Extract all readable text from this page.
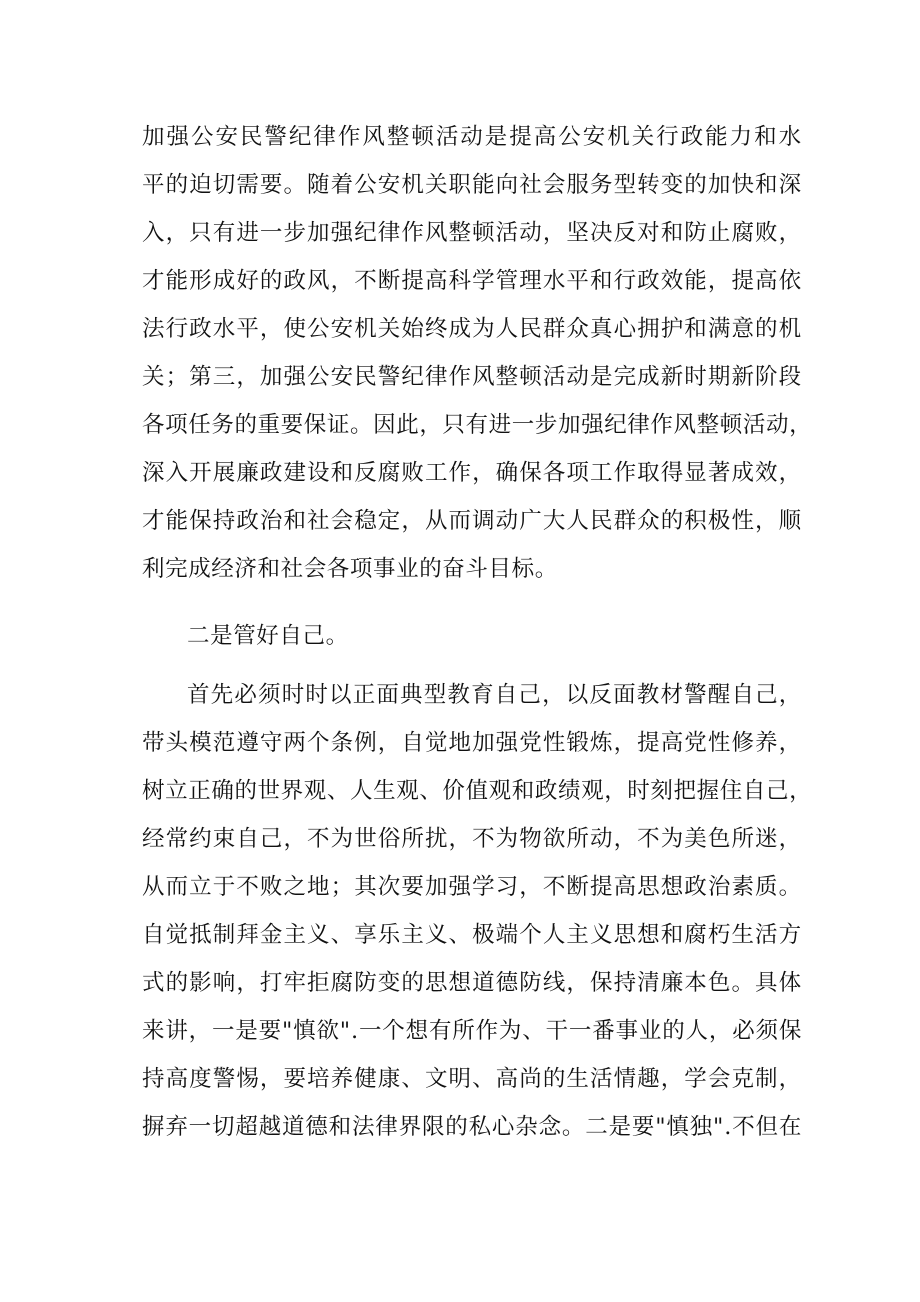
加 强 公 安 民 警 纪 律 作 风 整 顿 活 动 是 提 高 公 安 机 关 行 政 能 力 和 水
平 的 迫 切 需 要 。 随 着 公 安 机 关 职 能 向 社 会 服 务 型 转 变 的 加 快 和 深
入 ， 只 有 进 一 步 加 强 纪 律 作 风 整 顿 活 动 ， 坚 决 反 对 和 防 止 腐 败 ，
才 能 形 成 好 的 政 风 ， 不 断 提 高 科 学 管 理 水 平 和 行 政 效 能 ， 提 高 依
法 行 政 水 平 ， 使 公 安 机 关 始 终 成 为 人 民 群 众 真 心 拥 护 和 满 意 的 机
关 ； 第 三 ， 加 强 公 安 民 警 纪 律 作 风 整 顿 活 动 是 完 成 新 时 期 新 阶 段
各 项 任 务 的 重 要 保 证 。 因 此 ， 只 有 进 一 步 加 强 纪 律 作 风 整 顿 活 动 ，
深 入 开 展 廉 政 建 设 和 反 腐 败 工 作 ， 确 保 各 项 工 作 取 得 显 著 成 效 ，
才 能 保 持 政 治 和 社 会 稳 定 ， 从 而 调 动 广 大 人 民 群 众 的 积 极 性 ， 顺
利完成经济和社会各项事业的奋斗目标。
二是管好自己。
首 先 必 须 时 时 以 正 面 典 型 教 育 自 己 ， 以 反 面 教 材 警 醒 自 己 ，
带 头 模 范 遵 守 两 个 条 例 ， 自 觉 地 加 强 党 性 锻 炼 ， 提 高 党 性 修 养 ，
树 立 正 确 的 世 界 观 、 人 生 观 、 价 值 观 和 政 绩 观 ， 时 刻 把 握 住 自 己 ，
经 常 约 束 自 己 ， 不 为 世 俗 所 扰 ， 不 为 物 欲 所 动 ， 不 为 美 色 所 迷 ，
从 而 立 于 不 败 之 地 ； 其 次 要 加 强 学 习 ， 不 断 提 高 思 想 政 治 素 质 。
自 觉 抵 制 拜 金 主 义 、 享 乐 主 义 、 极 端 个 人 主 义 思 想 和 腐 朽 生 活 方
式 的 影 响 ， 打 牢 拒 腐 防 变 的 思 想 道 德 防 线 ， 保 持 清 廉 本 色 。 具 体
来 讲 ， 一 是 要 " 慎 欲 " . 一 个 想 有 所 作 为 、 干 一 番 事 业 的 人 ， 必 须 保
持 高 度 警 惕 ， 要 培 养 健 康 、 文 明 、 高 尚 的 生 活 情 趣 ， 学 会 克 制 ，
摒 弃 一 切 超 越 道 德 和 法 律 界 限 的 私 心 杂 念 。 二 是 要 " 慎 独 " . 不 但 在
